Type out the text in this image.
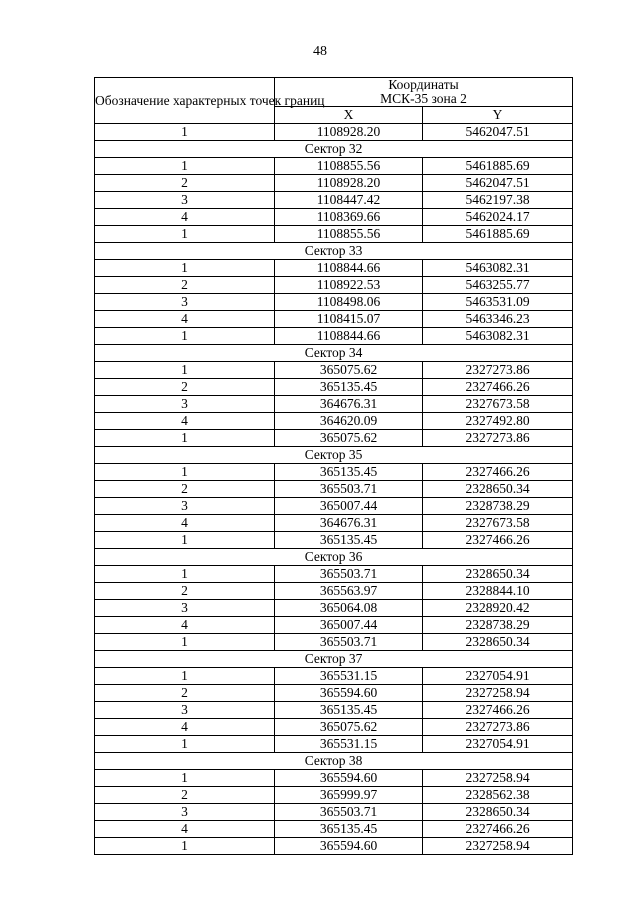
48
Обозначение характерных точек границ	Координаты
МСК-35 зона 2	
	X	Y
1	1108928.20	5462047.51
Сектор 32		
1	1108855.56	5461885.69
2	1108928.20	5462047.51
3	1108447.42	5462197.38
4	1108369.66	5462024.17
1	1108855.56	5461885.69
Сектор 33		
1	1108844.66	5463082.31
2	1108922.53	5463255.77
3	1108498.06	5463531.09
4	1108415.07	5463346.23
1	1108844.66	5463082.31
Сектор 34		
1	365075.62	2327273.86
2	365135.45	2327466.26
3	364676.31	2327673.58
4	364620.09	2327492.80
1	365075.62	2327273.86
Сектор 35		
1	365135.45	2327466.26
2	365503.71	2328650.34
3	365007.44	2328738.29
4	364676.31	2327673.58
1	365135.45	2327466.26
Сектор 36		
1	365503.71	2328650.34
2	365563.97	2328844.10
3	365064.08	2328920.42
4	365007.44	2328738.29
1	365503.71	2328650.34
Сектор 37		
1	365531.15	2327054.91
2	365594.60	2327258.94
3	365135.45	2327466.26
4	365075.62	2327273.86
1	365531.15	2327054.91
Сектор 38		
1	365594.60	2327258.94
2	365999.97	2328562.38
3	365503.71	2328650.34
4	365135.45	2327466.26
1	365594.60	2327258.94
